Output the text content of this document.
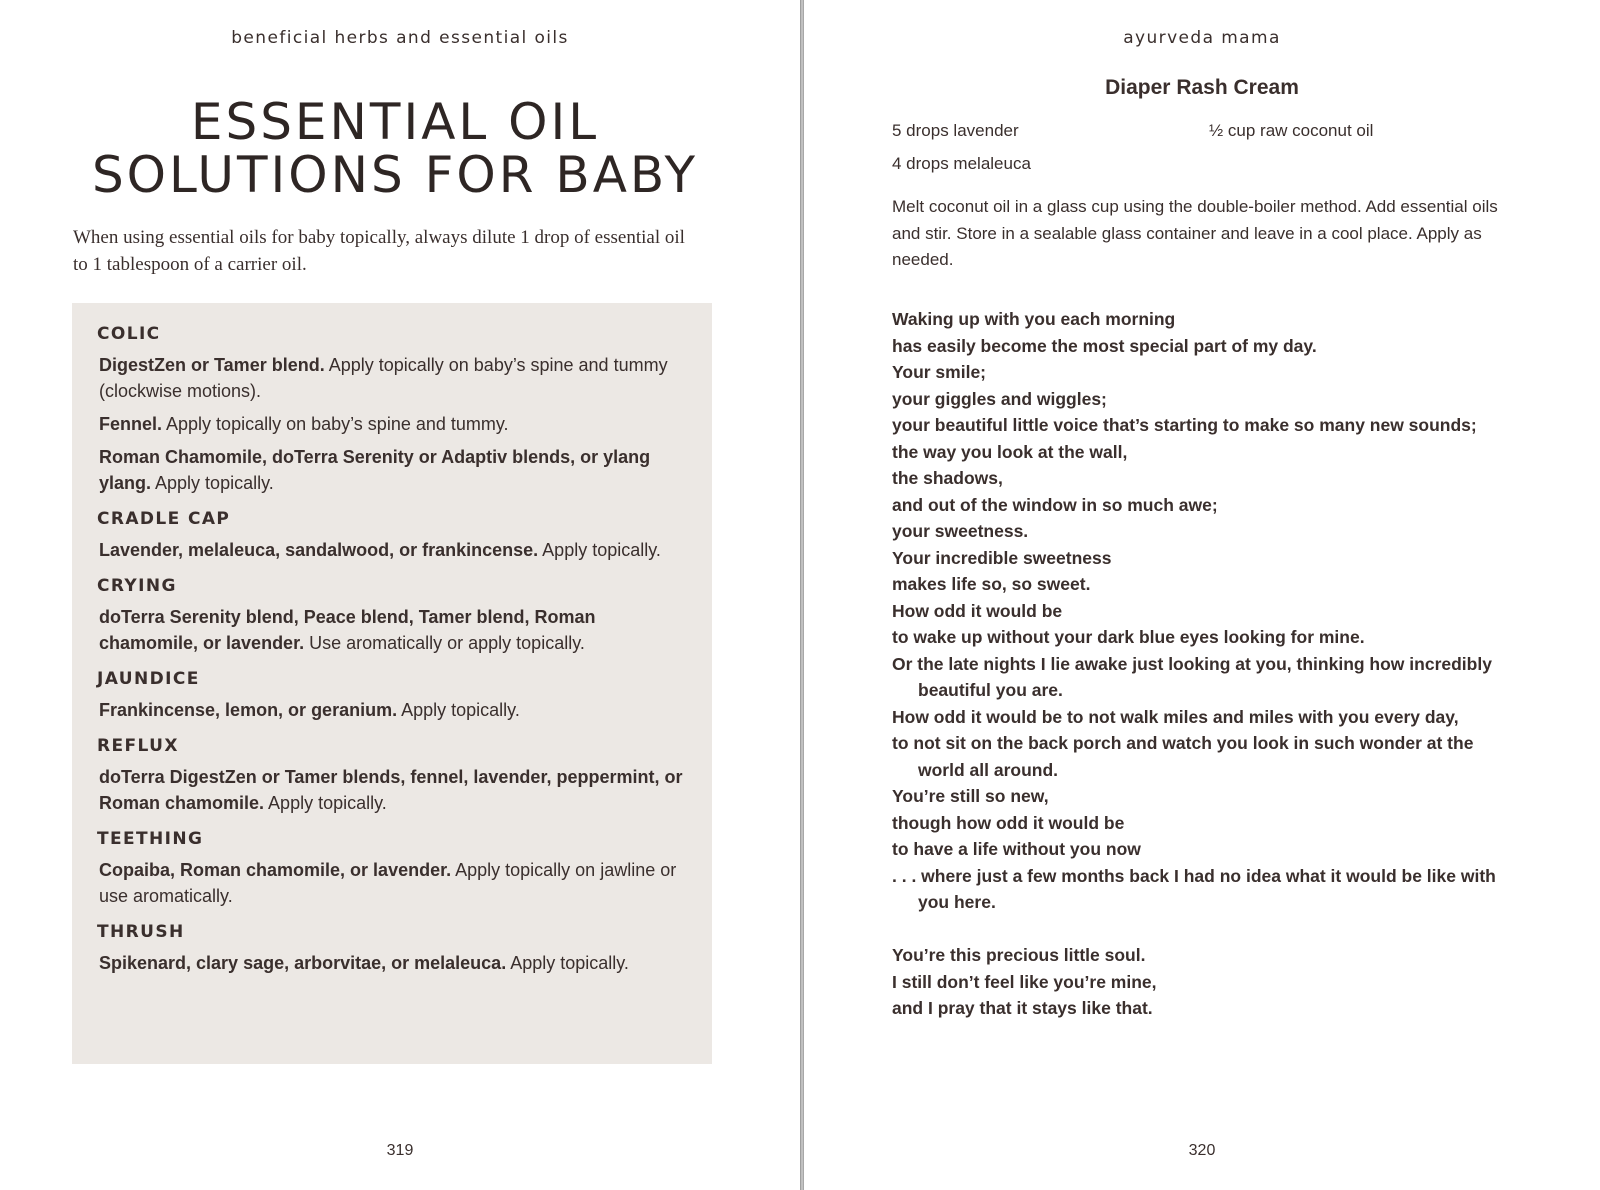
beneficial herbs and essential oils
ESSENTIAL OIL
SOLUTIONS FOR BABY

When using essential oils for baby topically, always dilute 1 drop of essential oil to 1 tablespoon of a carrier oil.

COLIC

DigestZen or Tamer blend. Apply topically on baby’s spine and tummy (clockwise motions).

Fennel. Apply topically on baby’s spine and tummy.

Roman Chamomile, doTerra Serenity or Adaptiv blends, or ylang ylang. Apply topically.

CRADLE CAP

Lavender, melaleuca, sandalwood, or frankincense. Apply topically.

CRYING

doTerra Serenity blend, Peace blend, Tamer blend, Roman chamomile, or lavender. Use aromatically or apply topically.

JAUNDICE

Frankincense, lemon, or geranium. Apply topically.

REFLUX

doTerra DigestZen or Tamer blends, fennel, lavender, peppermint, or Roman chamomile. Apply topically.

TEETHING

Copaiba, Roman chamomile, or lavender. Apply topically on jawline or use aromatically.

THRUSH

Spikenard, clary sage, arborvitae, or melaleuca. Apply topically.

319
ayurveda mama
Diaper Rash Cream
5 drops lavender	½ cup raw coconut oil
4 drops melaleuca

Melt coconut oil in a glass cup using the double-boiler method. Add essential oils and stir. Store in a sealable glass container and leave in a cool place. Apply as needed.

Waking up with you each morning
has easily become the most special part of my day.
Your smile;
your giggles and wiggles;
your beautiful little voice that’s starting to make so many new sounds;
the way you look at the wall,
the shadows,
and out of the window in so much awe;
your sweetness.
Your incredible sweetness
makes life so, so sweet.
How odd it would be
to wake up without your dark blue eyes looking for mine.
Or the late nights I lie awake just looking at you, thinking how incredibly beautiful you are.
How odd it would be to not walk miles and miles with you every day,
to not sit on the back porch and watch you look in such wonder at the world all around.
You’re still so new,
though how odd it would be
to have a life without you now
. . . where just a few months back I had no idea what it would be like with you here.
You’re this precious little soul.
I still don’t feel like you’re mine,
and I pray that it stays like that.
320
